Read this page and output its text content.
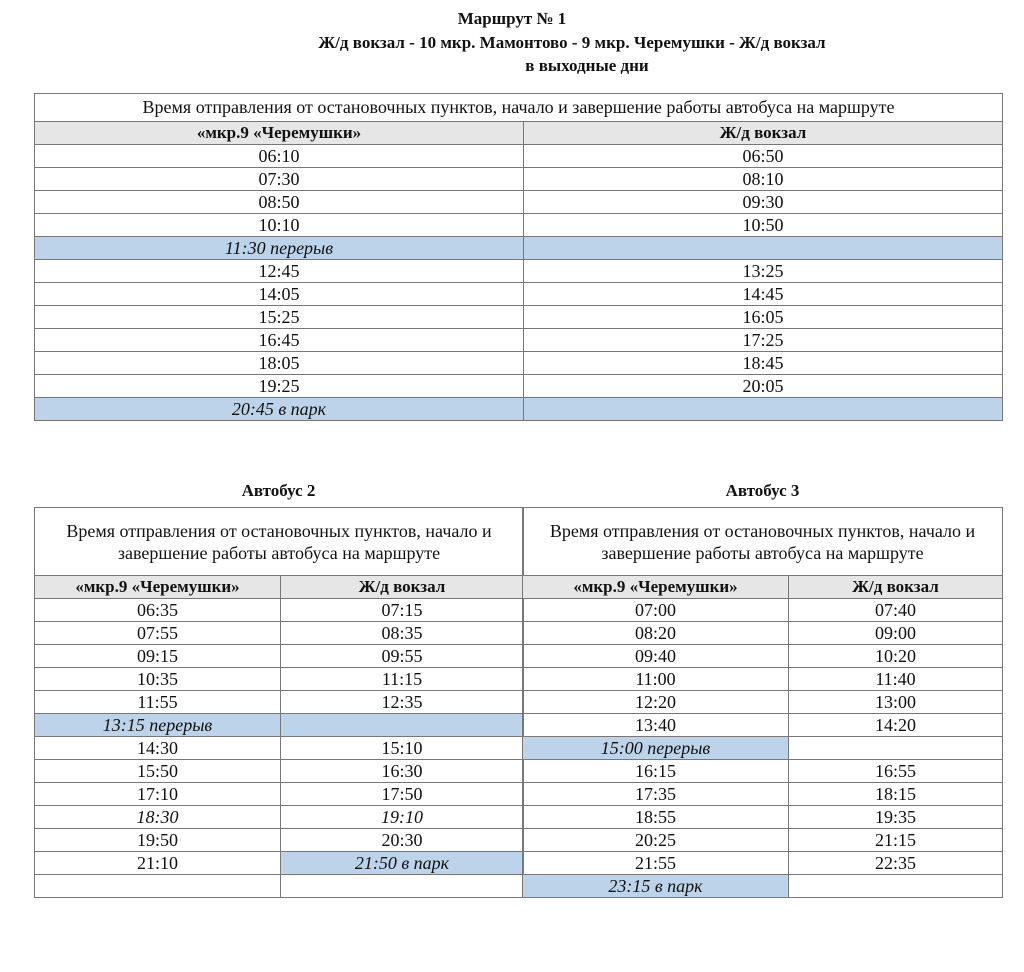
Маршрут № 1
Ж/д вокзал - 10 мкр. Мамонтово - 9 мкр. Черемушки - Ж/д вокзал
в выходные дни
Время отправления от остановочных пунктов, начало и завершение работы автобуса на маршруте	
«мкр.9 «Черемушки»	Ж/д вокзал
06:10	06:50
07:30	08:10
08:50	09:30
10:10	10:50
11:30 перерыв	
12:45	13:25
14:05	14:45
15:25	16:05
16:45	17:25
18:05	18:45
19:25	20:05
20:45 в парк	
Автобус 2	Автобус 3
Время отправления от остановочных пунктов, начало и завершение работы автобуса на маршруте	
«мкр.9 «Черемушки»	Ж/д вокзал
06:35	07:15
07:55	08:35
09:15	09:55
10:35	11:15
11:55	12:35
13:15 перерыв	
14:30	15:10
15:50	16:30
17:10	17:50
18:30	19:10
19:50	20:30
21:10	21:50 в парк

Время отправления от остановочных пунктов, начало и завершение работы автобуса на маршруте	
«мкр.9 «Черемушки»	Ж/д вокзал
07:00	07:40
08:20	09:00
09:40	10:20
11:00	11:40
12:20	13:00
13:40	14:20
15:00 перерыв	
16:15	16:55
17:35	18:15
18:55	19:35
20:25	21:15
21:55	22:35
23:15 в парк	
